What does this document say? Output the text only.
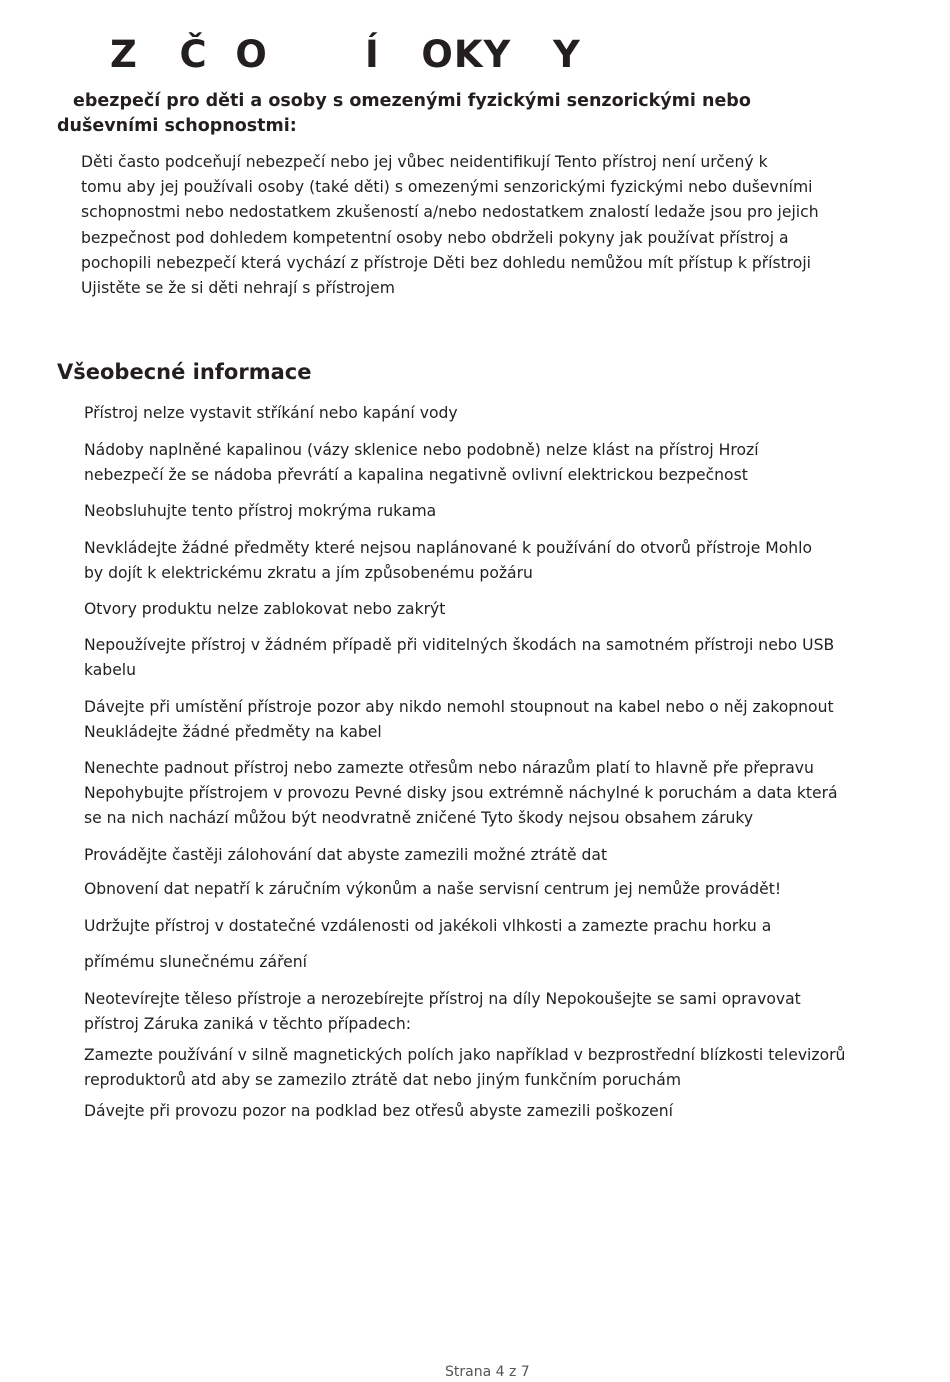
Z   Č  O       Í   OKY   Y
ebezpečí pro děti a osoby s omezenými fyzickými senzorickými nebo
duševními schopnostmi:

Děti často podceňují nebezpečí nebo jej vůbec neidentifikují Tento přístroj není určený k
tomu aby jej používali osoby (také děti) s omezenými senzorickými fyzickými nebo duševními
schopnostmi nebo nedostatkem zkušeností a/nebo nedostatkem znalostí ledaže jsou pro jejich
bezpečnost pod dohledem kompetentní osoby nebo obdrželi pokyny jak používat přístroj a
pochopili nebezpečí která vychází z přístroje Děti bez dohledu nemůžou mít přístup k přístroji
Ujistěte se že si děti nehrají s přístrojem

Všeobecné informace

Přístroj nelze vystavit stříkání nebo kapání vody

Nádoby naplněné kapalinou (vázy sklenice nebo podobně) nelze klást na přístroj Hrozí
nebezpečí že se nádoba převrátí a kapalina negativně ovlivní elektrickou bezpečnost

Neobsluhujte tento přístroj mokrýma rukama

Nevkládejte žádné předměty které nejsou naplánované k používání do otvorů přístroje Mohlo
by dojít k elektrickému zkratu a jím způsobenému požáru

Otvory produktu nelze zablokovat nebo zakrýt

Nepoužívejte přístroj v žádném případě při viditelných škodách na samotném přístroji nebo USB
kabelu

Dávejte při umístění přístroje pozor aby nikdo nemohl stoupnout na kabel nebo o něj zakopnout
Neukládejte žádné předměty na kabel

Nenechte padnout přístroj nebo zamezte otřesům nebo nárazům platí to hlavně pře přepravu
Nepohybujte přístrojem v provozu Pevné disky jsou extrémně náchylné k poruchám a data která
se na nich nachází můžou být neodvratně zničené Tyto škody nejsou obsahem záruky

Provádějte častěji zálohování dat abyste zamezili možné ztrátě dat

Obnovení dat nepatří k záručním výkonům a naše servisní centrum jej nemůže provádět!

Udržujte přístroj v dostatečné vzdálenosti od jakékoli vlhkosti a zamezte prachu horku a

přímému slunečnému záření

Neotevírejte těleso přístroje a nerozebírejte přístroj na díly Nepokoušejte se sami opravovat
přístroj Záruka zaniká v těchto případech:

Zamezte používání v silně magnetických polích jako například v bezprostřední blízkosti televizorů
reproduktorů atd aby se zamezilo ztrátě dat nebo jiným funkčním poruchám

Dávejte při provozu pozor na podklad bez otřesů abyste zamezili poškození

Strana 4 z 7
